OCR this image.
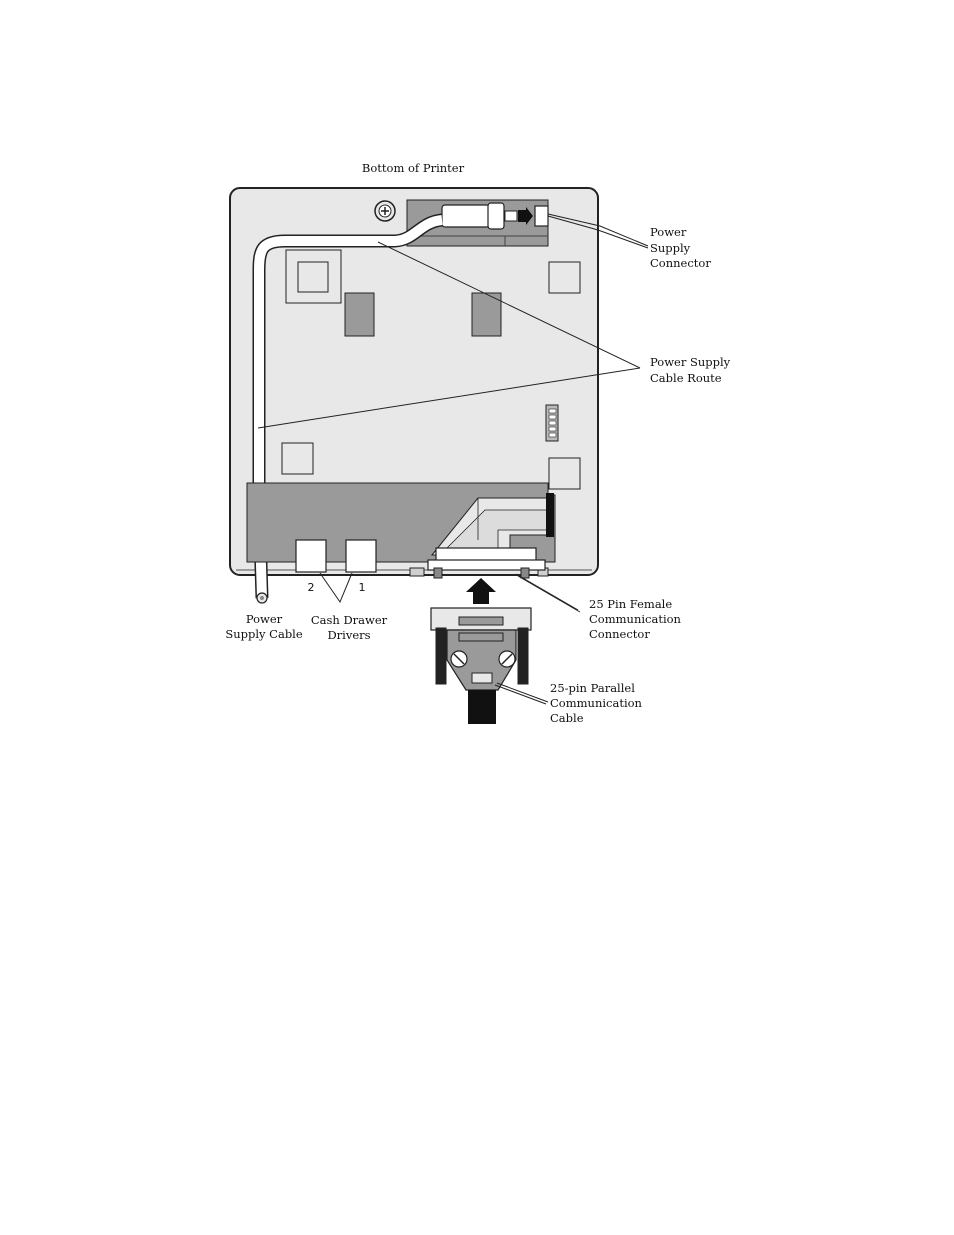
Bottom of Printer
2	1
Power
Supply
Connector
Power Supply
Cable Route
Power
Supply Cable
Cash Drawer
Drivers
25 Pin Female
Communication
Connector
25-pin Parallel
Communication
Cable
